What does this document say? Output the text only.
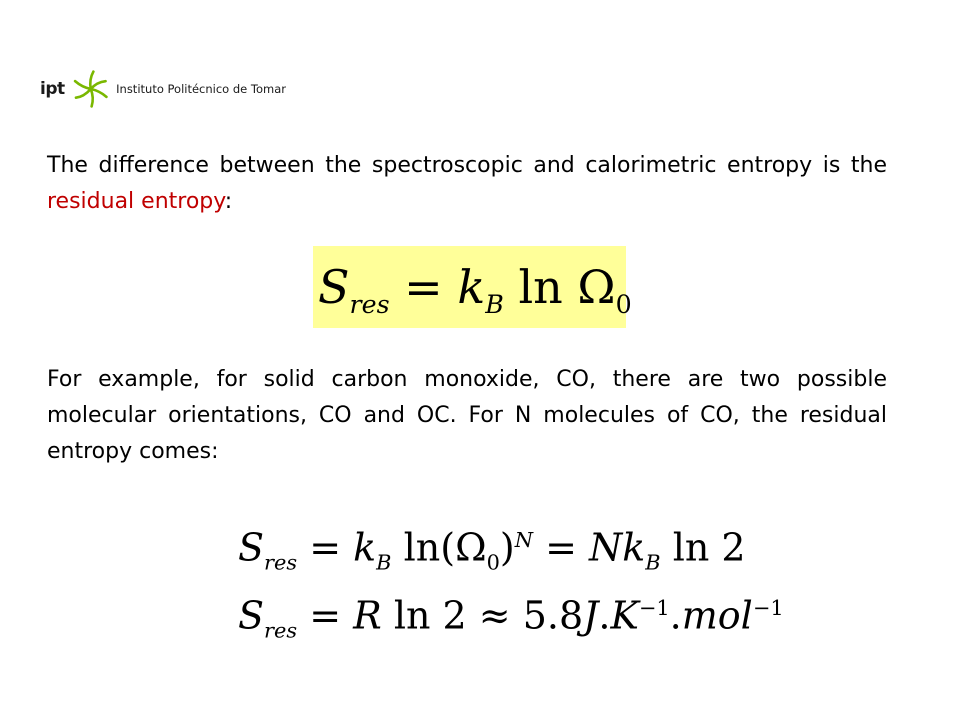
ipt	Instituto Politécnico de Tomar

The difference between the spectroscopic and calorimetric entropy is the residual entropy:

$S_{res} = k_B$ $\ln \Omega_0$

For example, for solid carbon monoxide, CO, there are two possible molecular orientations, CO and OC. For N molecules of CO, the residual entropy comes:

$S_{res} = k_B$ $\ln(\Omega_0)^N = Nk_B$ ln 2
$S_{res} = R$ $\ln 2 \approx 5.8J.K^{-1}.mol^{-1}$
